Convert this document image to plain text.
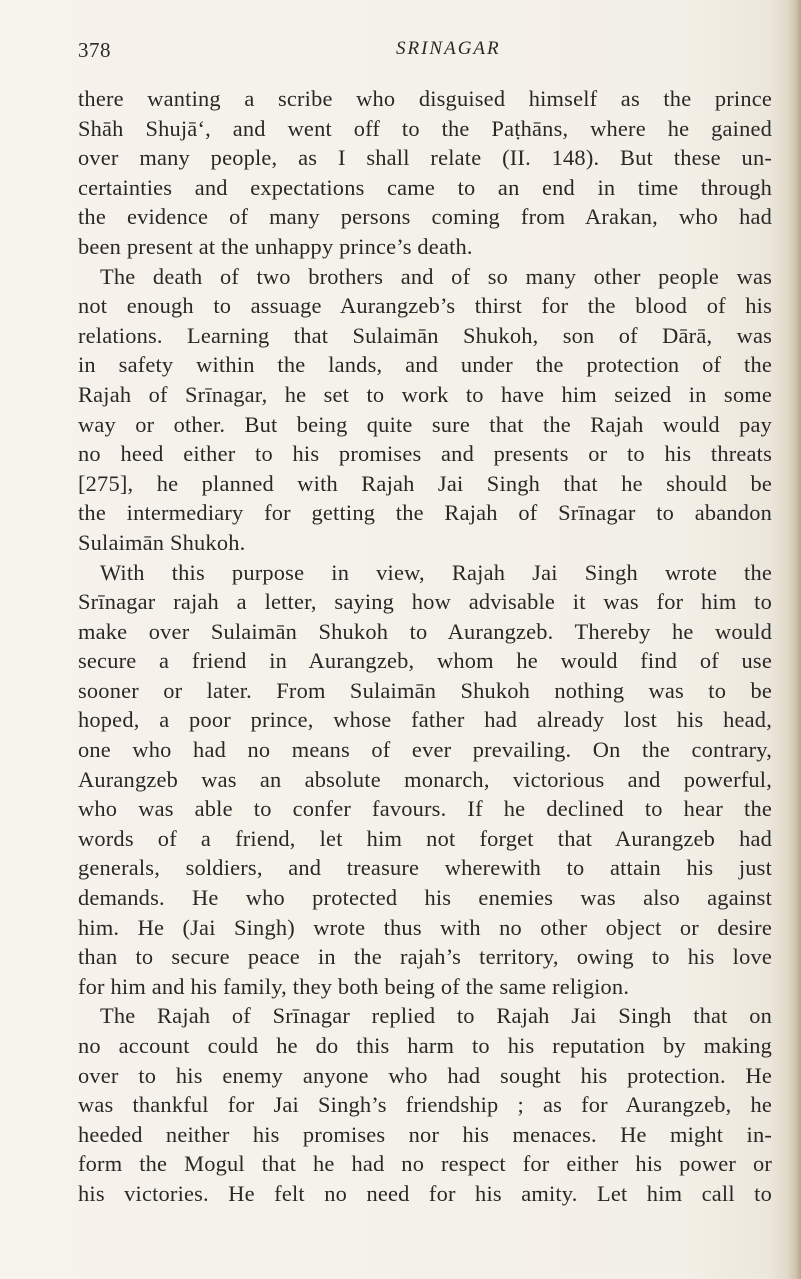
378	SRINAGAR
there wanting a scribe who disguised himself as the prince
Shāh Shujā‘, and went off to the Paṭhāns, where he gained
over many people, as I shall relate (II. 148). But these un-
certainties and expectations came to an end in time through
the evidence of many persons coming from Arakan, who had
been present at the unhappy prince’s death.
The death of two brothers and of so many other people was
not enough to assuage Aurangzeb’s thirst for the blood of his
relations. Learning that Sulaimān Shukoh, son of Dārā, was
in safety within the lands, and under the protection of the
Rajah of Srīnagar, he set to work to have him seized in some
way or other. But being quite sure that the Rajah would pay
no heed either to his promises and presents or to his threats
[275], he planned with Rajah Jai Singh that he should be
the intermediary for getting the Rajah of Srīnagar to abandon
Sulaimān Shukoh.
With this purpose in view, Rajah Jai Singh wrote the
Srīnagar rajah a letter, saying how advisable it was for him to
make over Sulaimān Shukoh to Aurangzeb. Thereby he would
secure a friend in Aurangzeb, whom he would find of use
sooner or later. From Sulaimān Shukoh nothing was to be
hoped, a poor prince, whose father had already lost his head,
one who had no means of ever prevailing. On the contrary,
Aurangzeb was an absolute monarch, victorious and powerful,
who was able to confer favours. If he declined to hear the
words of a friend, let him not forget that Aurangzeb had
generals, soldiers, and treasure wherewith to attain his just
demands. He who protected his enemies was also against
him. He (Jai Singh) wrote thus with no other object or desire
than to secure peace in the rajah’s territory, owing to his love
for him and his family, they both being of the same religion.
The Rajah of Srīnagar replied to Rajah Jai Singh that on
no account could he do this harm to his reputation by making
over to his enemy anyone who had sought his protection. He
was thankful for Jai Singh’s friendship ; as for Aurangzeb, he
heeded neither his promises nor his menaces. He might in-
form the Mogul that he had no respect for either his power or
his victories. He felt no need for his amity. Let him call to
